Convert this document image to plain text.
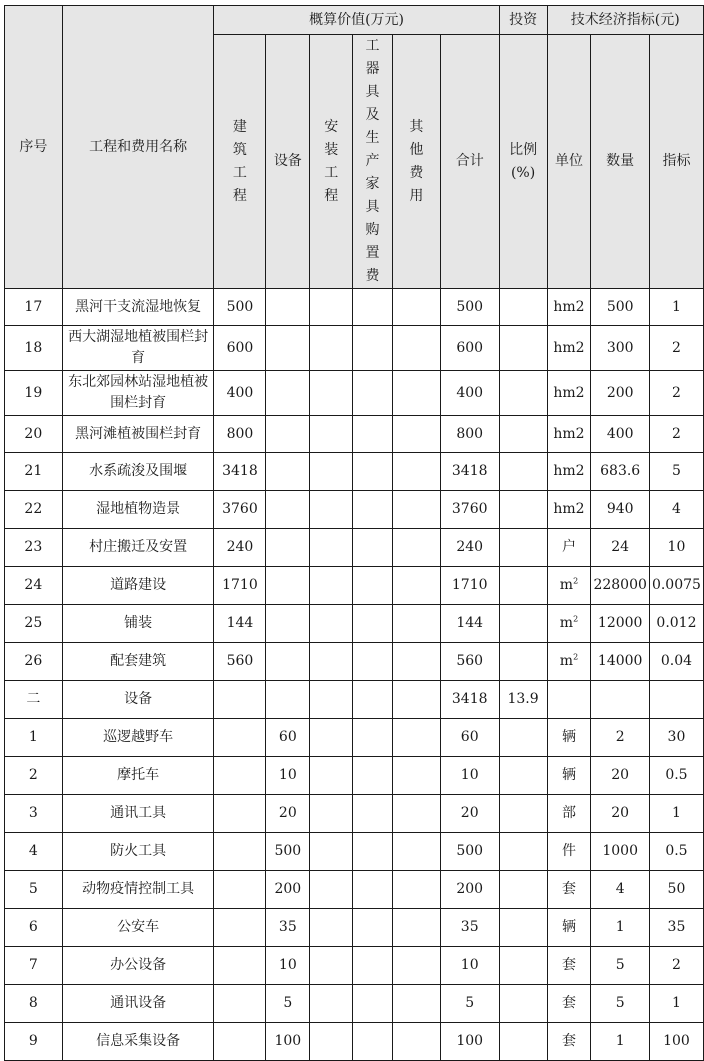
序号	工程和费用名称	概算价值(万元)						投资	技术经济指标(元)		
		建筑工程	设备	安装工程	工器具及生产家具购置费	其他费用	合计	比例(%)	单位	数量	指标
17	黑河干支流湿地恢复	500					500		hm2	500	1
18	西大湖湿地植被围栏封育	600					600		hm2	300	2
19	东北郊园林站湿地植被围栏封育	400					400		hm2	200	2
20	黑河滩植被围栏封育	800					800		hm2	400	2
21	水系疏浚及围堰	3418					3418		hm2	683.6	5
22	湿地植物造景	3760					3760		hm2	940	4
23	村庄搬迁及安置	240					240		户	24	10
24	道路建设	1710					1710		$m^2$	228000	0.0075
25	铺装	144					144		$m^2$	12000	0.012
26	配套建筑	560					560		$m^2$	14000	0.04
二	设备						3418	13.9			
1	巡逻越野车		60				60		辆	2	30
2	摩托车		10				10		辆	20	0.5
3	通讯工具		20				20		部	20	1
4	防火工具		500				500		件	1000	0.5
5	动物疫情控制工具		200				200		套	4	50
6	公安车		35				35		辆	1	35
7	办公设备		10				10		套	5	2
8	通讯设备		5				5		套	5	1
9	信息采集设备		100				100		套	1	100
